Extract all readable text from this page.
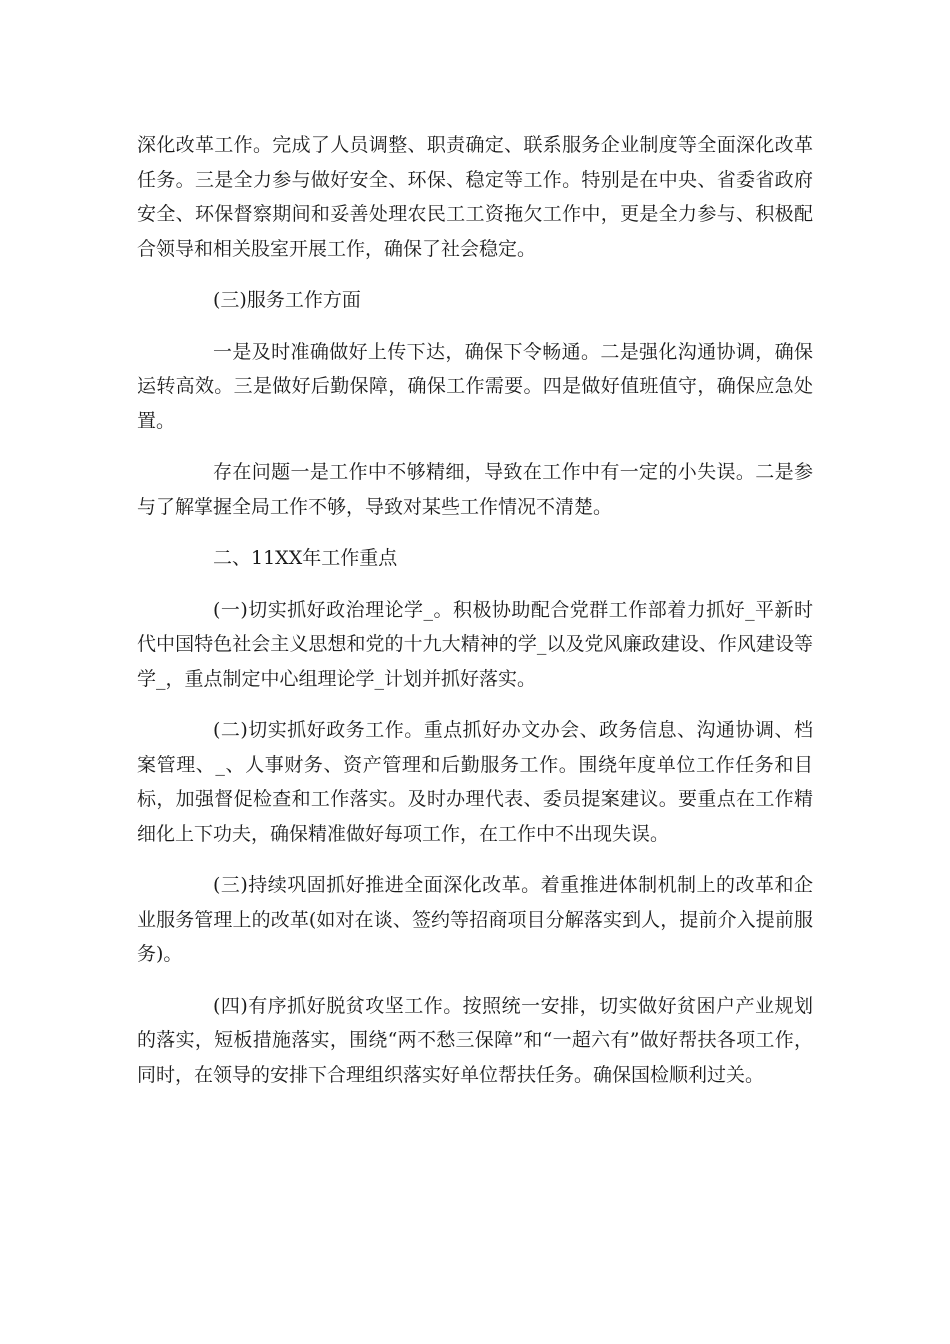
深化改革工作。完成了人员调整、职责确定、联系服务企业制度等全面深化改革任务。三是全力参与做好安全、环保、稳定等工作。特别是在中央、省委省政府安全、环保督察期间和妥善处理农民工工资拖欠工作中，更是全力参与、积极配合领导和相关股室开展工作，确保了社会稳定。

(三)服务工作方面

一是及时准确做好上传下达，确保下令畅通。二是强化沟通协调，确保运转高效。三是做好后勤保障，确保工作需要。四是做好值班值守，确保应急处置。

存在问题一是工作中不够精细，导致在工作中有一定的小失误。二是参与了解掌握全局工作不够，导致对某些工作情况不清楚。

二、11XX年工作重点

(一)切实抓好政治理论学_。积极协助配合党群工作部着力抓好_平新时代中国特色社会主义思想和党的十九大精神的学_以及党风廉政建设、作风建设等学_，重点制定中心组理论学_计划并抓好落实。

(二)切实抓好政务工作。重点抓好办文办会、政务信息、沟通协调、档案管理、_、人事财务、资产管理和后勤服务工作。围绕年度单位工作任务和目标，加强督促检查和工作落实。及时办理代表、委员提案建议。要重点在工作精细化上下功夫，确保精准做好每项工作，在工作中不出现失误。

(三)持续巩固抓好推进全面深化改革。着重推进体制机制上的改革和企业服务管理上的改革(如对在谈、签约等招商项目分解落实到人，提前介入提前服务)。

(四)有序抓好脱贫攻坚工作。按照统一安排，切实做好贫困户产业规划的落实，短板措施落实，围绕“两不愁三保障”和“一超六有”做好帮扶各项工作，同时，在领导的安排下合理组织落实好单位帮扶任务。确保国检顺利过关。
